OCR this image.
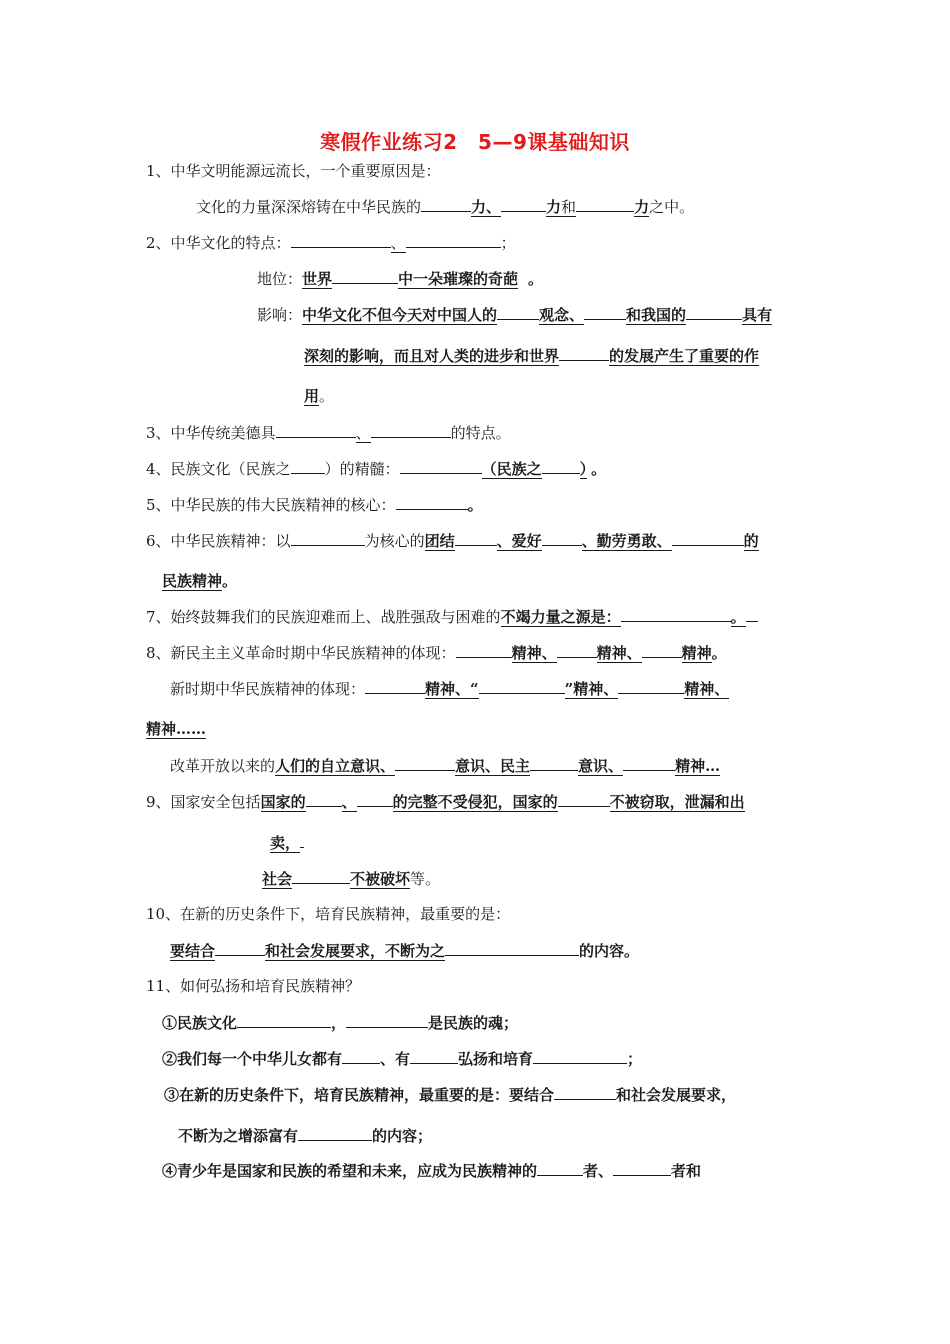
寒假作业练习2　5—9课基础知识
1、中华文明能源远流长，一个重要原因是：
文化的力量深深熔铸在中华民族的	力、	力和	力之中。
2、中华文化的特点：	、	；
地位：世界	中一朵璀璨的奇葩 。
影响：中华文化不但今天对中国人的	观念、	和我国的	具有
深刻的影响，而且对人类的进步和世界	的发展产生了重要的作
用。
3、中华传统美德具	、	的特点。
4、民族文化（民族之 ）的精髓：	（民族之	） 。
5、中华民族的伟大民族精神的核心：	。
6、中华民族精神：以	为核心的团结	、爱好	、勤劳勇敢、	的
民族精神。
7、始终鼓舞我们的民族迎难而上、战胜强敌与困难的不竭力量之源是：	。
8、新民主主义革命时期中华民族精神的体现：	精神、	精神、	精神。
新时期中华民族精神的体现：	精神、“	”精神、	精神、
精神……
改革开放以来的人们的自立意识、	意识、民主	意识、	精神…
9、国家安全包括国家的 、 的完整不受侵犯，国家的	不被窃取，泄漏和出
卖，
社会	不被破坏等。
10、在新的历史条件下，培育民族精神，最重要的是：
要结合	和社会发展要求，不断为之	的内容。
11、如何弘扬和培育民族精神？
①民族文化	，	是民族的魂；
②我们每一个中华儿女都有	、有	弘扬和培育	；
③在新的历史条件下，培育民族精神，最重要的是：要结合	和社会发展要求，
不断为之增添富有	的内容；
④青少年是国家和民族的希望和未来，应成为民族精神的	者、	者和
